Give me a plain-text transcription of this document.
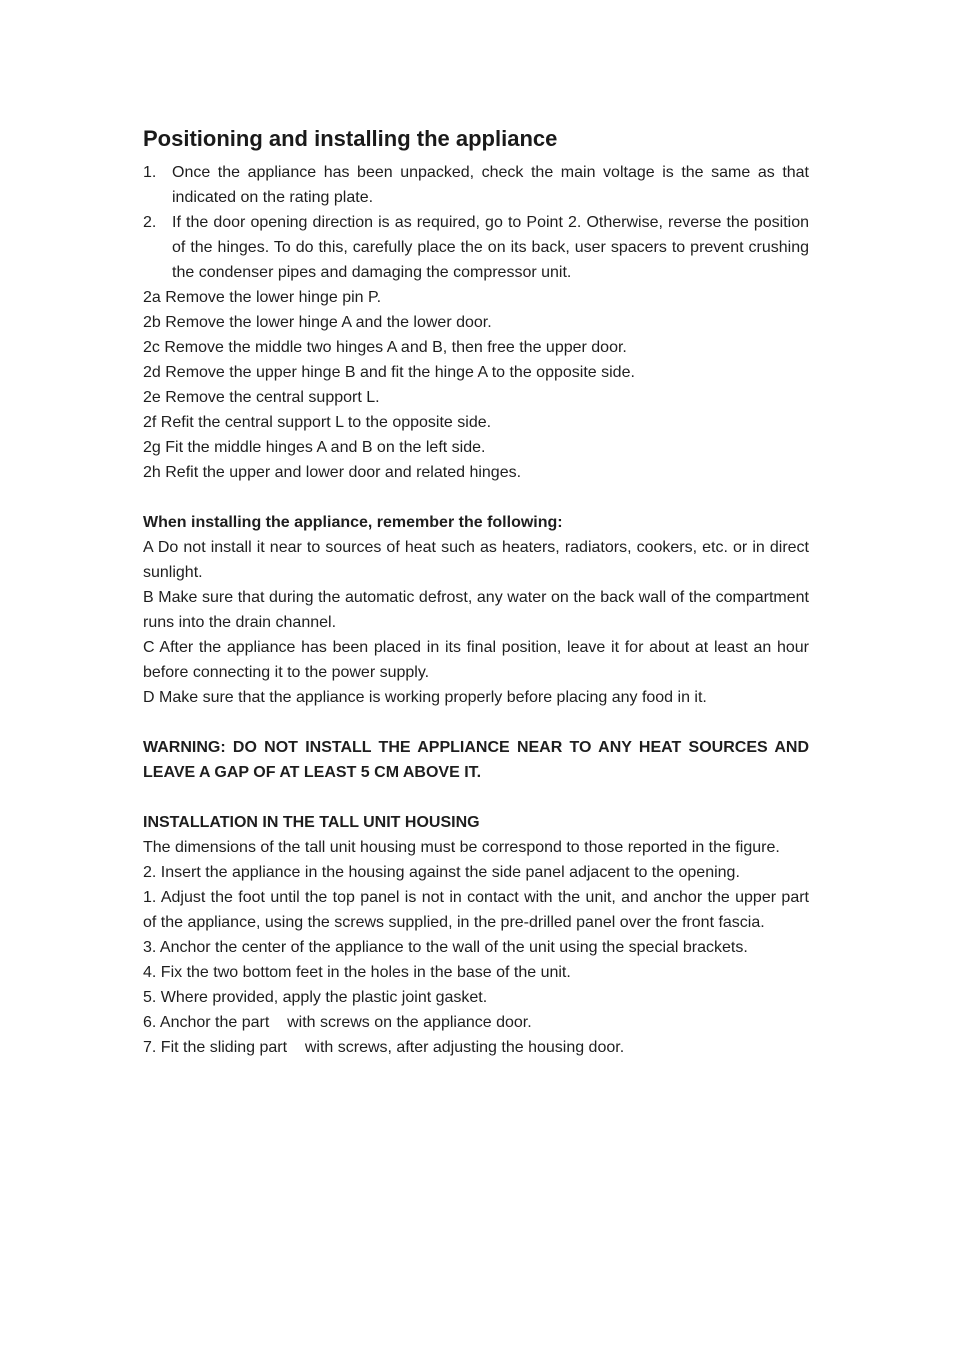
Positioning and installing the appliance
1. Once the appliance has been unpacked, check the main voltage is the same as that indicated on the rating plate.
2. If the door opening direction is as required, go to Point 2. Otherwise, reverse the position of the hinges. To do this, carefully place the on its back, user spacers to prevent crushing the condenser pipes and damaging the compressor unit.

2a Remove the lower hinge pin P.

2b Remove the lower hinge A and the lower door.

2c Remove the middle two hinges A and B, then free the upper door.

2d Remove the upper hinge B and fit the hinge A to the opposite side.

2e Remove the central support L.

2f Refit the central support L to the opposite side.

2g Fit the middle hinges A and B on the left side.

2h Refit the upper and lower door and related hinges.

When installing the appliance, remember the following:

A Do not install it near to sources of heat such as heaters, radiators, cookers, etc. or in direct sunlight.

B Make sure that during the automatic defrost, any water on the back wall of the compartment runs into the drain channel.

C After the appliance has been placed in its final position, leave it for about at least an hour before connecting it to the power supply.

D Make sure that the appliance is working properly before placing any food in it.

WARNING: DO NOT INSTALL THE APPLIANCE NEAR TO ANY HEAT SOURCES AND LEAVE A GAP OF AT LEAST 5 CM ABOVE IT.

INSTALLATION IN THE TALL UNIT HOUSING

The dimensions of the tall unit housing must be correspond to those reported in the figure.

2. Insert the appliance in the housing against the side panel adjacent to the opening.

1. Adjust the foot until the top panel is not in contact with the unit, and anchor the upper part of the appliance, using the screws supplied, in the pre-drilled panel over the front fascia.

3. Anchor the center of the appliance to the wall of the unit using the special brackets.

4. Fix the two bottom feet in the holes in the base of the unit.

5. Where provided, apply the plastic joint gasket.

6. Anchor the part    with screws on the appliance door.

7. Fit the sliding part    with screws, after adjusting the housing door.
